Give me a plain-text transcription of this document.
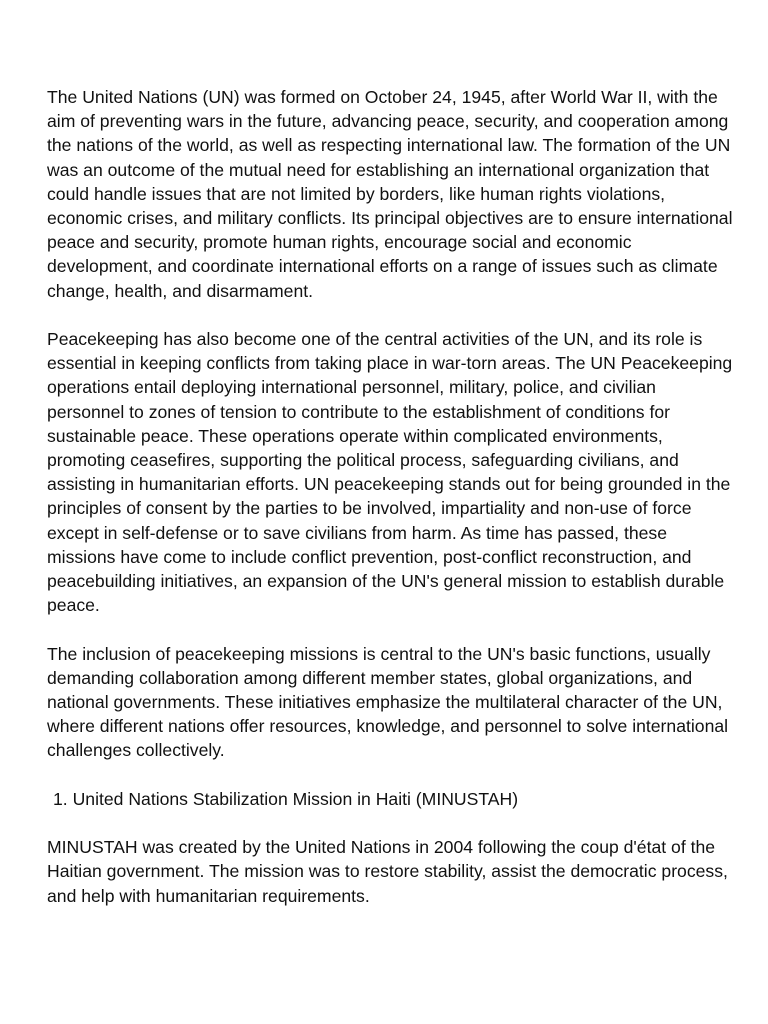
The United Nations (UN) was formed on October 24, 1945, after World War II, with the aim of preventing wars in the future, advancing peace, security, and cooperation among the nations of the world, as well as respecting international law. The formation of the UN was an outcome of the mutual need for establishing an international organization that could handle issues that are not limited by borders, like human rights violations, economic crises, and military conflicts. Its principal objectives are to ensure international peace and security, promote human rights, encourage social and economic development, and coordinate international efforts on a range of issues such as climate change, health, and disarmament.

Peacekeeping has also become one of the central activities of the UN, and its role is essential in keeping conflicts from taking place in war-torn areas. The UN Peacekeeping operations entail deploying international personnel, military, police, and civilian personnel to zones of tension to contribute to the establishment of conditions for sustainable peace. These operations operate within complicated environments, promoting ceasefires, supporting the political process, safeguarding civilians, and assisting in humanitarian efforts. UN peacekeeping stands out for being grounded in the principles of consent by the parties to be involved, impartiality and non-use of force except in self-defense or to save civilians from harm. As time has passed, these missions have come to include conflict prevention, post-conflict reconstruction, and peacebuilding initiatives, an expansion of the UN's general mission to establish durable peace.

The inclusion of peacekeeping missions is central to the UN's basic functions, usually demanding collaboration among different member states, global organizations, and national governments. These initiatives emphasize the multilateral character of the UN, where different nations offer resources, knowledge, and personnel to solve international challenges collectively.

1. United Nations Stabilization Mission in Haiti (MINUSTAH)

MINUSTAH was created by the United Nations in 2004 following the coup d'état of the Haitian government. The mission was to restore stability, assist the democratic process, and help with humanitarian requirements.
